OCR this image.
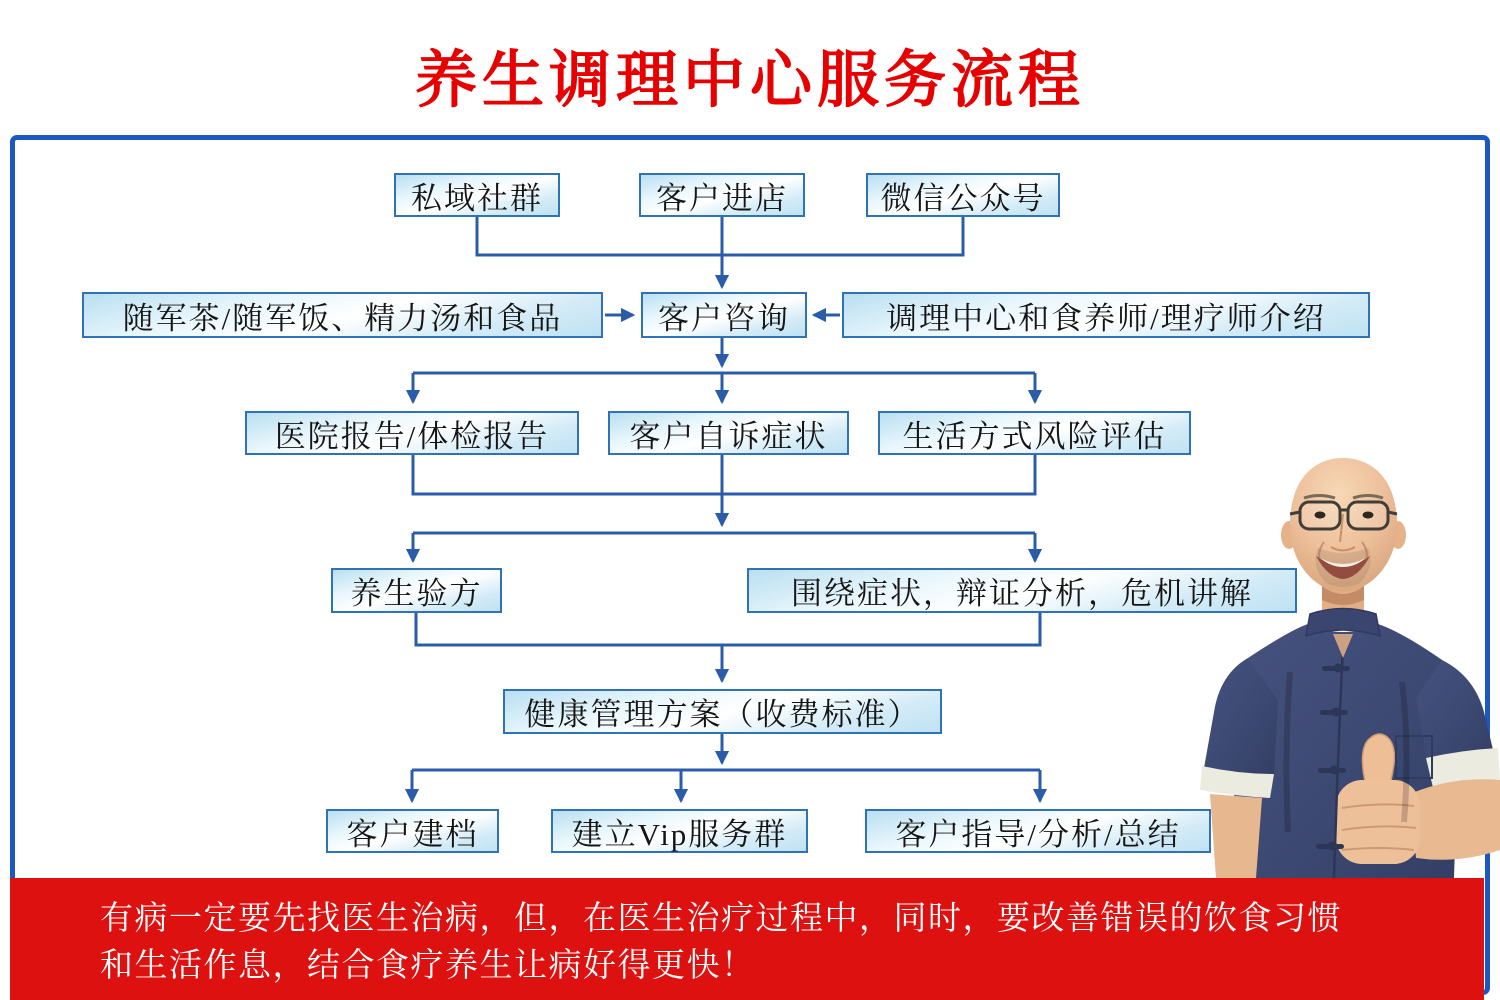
养生调理中心服务流程
私域社群	客户进店	微信公众号
随军茶/随军饭、精力汤和食品	客户咨询	调理中心和食养师/理疗师介绍
医院报告/体检报告	客户自诉症状	生活方式风险评估
养生验方	围绕症状，辩证分析，危机讲解
健康管理方案（收费标准）
客户建档	建立Vip服务群	客户指导/分析/总结
有病一定要先找医生治病，但，在医生治疗过程中，同时，要改善错误的饮食习惯
和生活作息，结合食疗养生让病好得更快！
